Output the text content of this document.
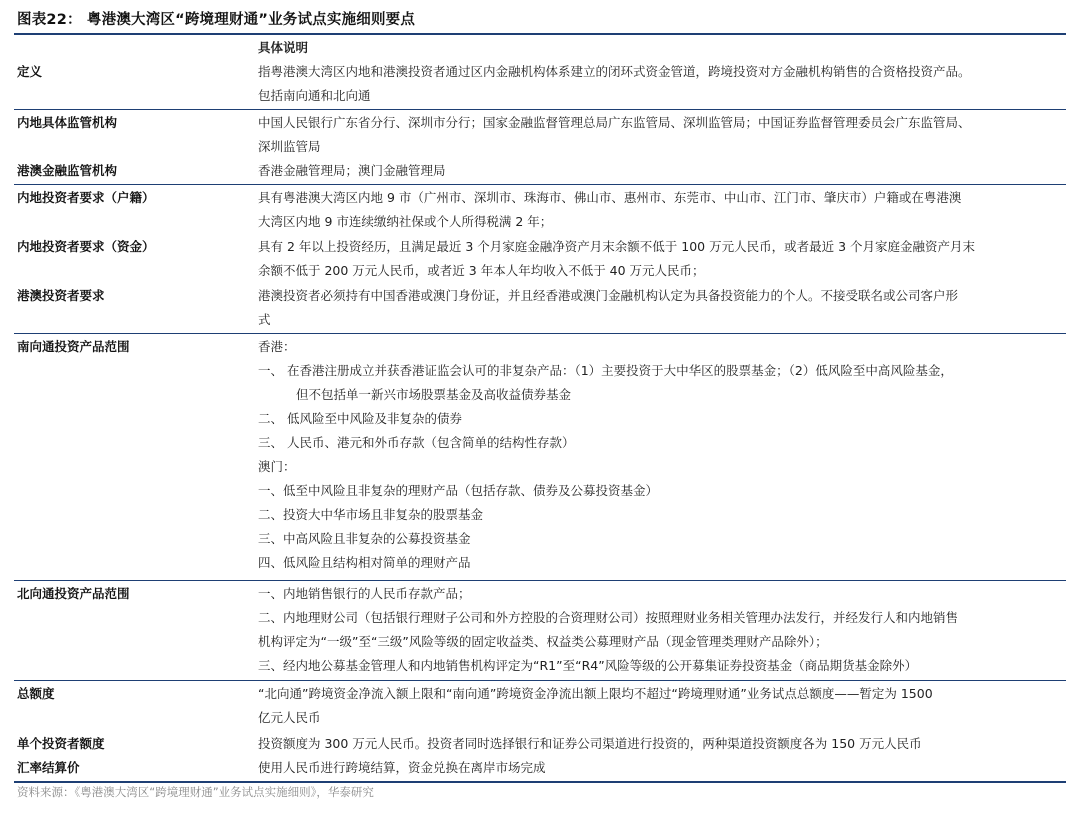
图表22： 粤港澳大湾区“跨境理财通”业务试点实施细则要点
具体说明
定义	指粤港澳大湾区内地和港澳投资者通过区内金融机构体系建立的闭环式资金管道，跨境投资对方金融机构销售的合资格投资产品。
包括南向通和北向通
内地具体监管机构	中国人民银行广东省分行、深圳市分行；国家金融监督管理总局广东监管局、深圳监管局；中国证券监督管理委员会广东监管局、
深圳监管局
港澳金融监管机构	香港金融管理局；澳门金融管理局
内地投资者要求（户籍）	具有粤港澳大湾区内地 9 市（广州市、深圳市、珠海市、佛山市、惠州市、东莞市、中山市、江门市、肇庆市）户籍或在粤港澳
大湾区内地 9 市连续缴纳社保或个人所得税满 2 年；
内地投资者要求（资金）	具有 2 年以上投资经历，且满足最近 3 个月家庭金融净资产月末余额不低于 100 万元人民币，或者最近 3 个月家庭金融资产月末
余额不低于 200 万元人民币，或者近 3 年本人年均收入不低于 40 万元人民币；
港澳投资者要求	港澳投资者必须持有中国香港或澳门身份证，并且经香港或澳门金融机构认定为具备投资能力的个人。不接受联名或公司客户形
式
南向通投资产品范围	香港：
一、 在香港注册成立并获香港证监会认可的非复杂产品：（1）主要投资于大中华区的股票基金；（2）低风险至中高风险基金，
但不包括单一新兴市场股票基金及高收益债券基金
二、 低风险至中风险及非复杂的债券
三、 人民币、港元和外币存款（包含简单的结构性存款）
澳门：
一、低至中风险且非复杂的理财产品（包括存款、债券及公募投资基金）
二、投资大中华市场且非复杂的股票基金
三、中高风险且非复杂的公募投资基金
四、低风险且结构相对简单的理财产品
北向通投资产品范围	一、内地销售银行的人民币存款产品；
二、内地理财公司（包括银行理财子公司和外方控股的合资理财公司）按照理财业务相关管理办法发行，并经发行人和内地销售
机构评定为“一级”至“三级”风险等级的固定收益类、权益类公募理财产品（现金管理类理财产品除外）；
三、经内地公募基金管理人和内地销售机构评定为“R1”至“R4”风险等级的公开募集证券投资基金（商品期货基金除外）
总额度	“北向通”跨境资金净流入额上限和“南向通”跨境资金净流出额上限均不超过“跨境理财通”业务试点总额度——暂定为 1500
亿元人民币
单个投资者额度	投资额度为 300 万元人民币。投资者同时选择银行和证券公司渠道进行投资的，两种渠道投资额度各为 150 万元人民币
汇率结算价	使用人民币进行跨境结算，资金兑换在离岸市场完成
资料来源：《粤港澳大湾区“跨境理财通”业务试点实施细则》，华泰研究
